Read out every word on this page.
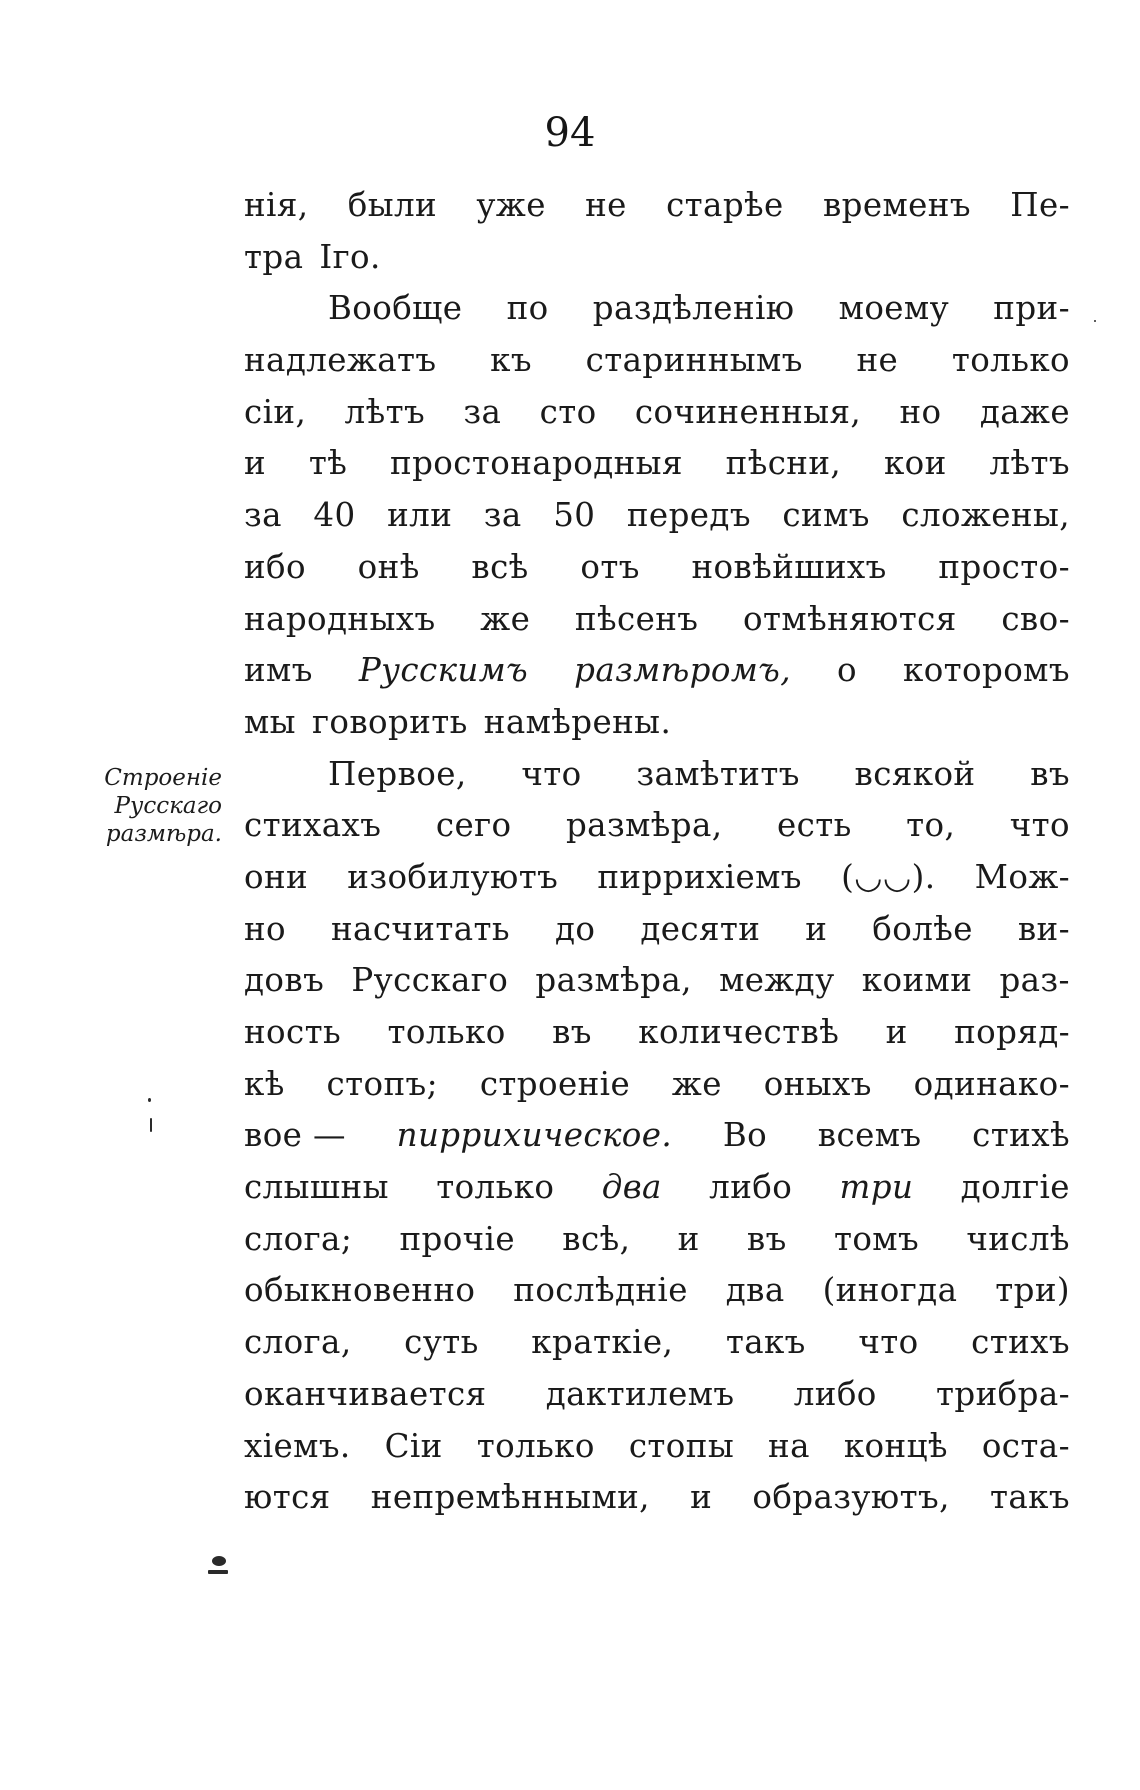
94
Строеніе
Русскаго
размѣра.
нія, были уже не старѣе временъ Пе-
тра Iго.
Вообще по раздѣленію моему при-
надлежатъ къ стариннымъ не только
сіи, лѣтъ за сто сочиненныя, но даже
и тѣ простонародныя пѣсни, кои лѣтъ
за 40 или за 50 передъ симъ сложены,
ибо онѣ всѣ отъ новѣйшихъ просто-
народныхъ же пѣсенъ отмѣняются сво-
имъ Русскимъ размѣромъ, о которомъ
мы говорить намѣрены.
Первое, что замѣтитъ всякой въ
стихахъ сего размѣра, есть то, что
они изобилуютъ пиррихіемъ (◡◡). Мож-
но насчитать до десяти и болѣе ви-
довъ Русскаго размѣра, между коими раз-
ность только въ количествѣ и поряд-
кѣ стопъ; строеніе же оныхъ одинако-
вое — пиррихическое. Во всемъ стихѣ
слышны только два либо три долгіе
слога; прочіе всѣ, и въ томъ числѣ
обыкновенно послѣдніе два (иногда три)
слога, суть краткіе, такъ что стихъ
оканчивается дактилемъ либо трибра-
хіемъ. Сіи только стопы на концѣ оста-
ются непремѣнными, и образуютъ, такъ
